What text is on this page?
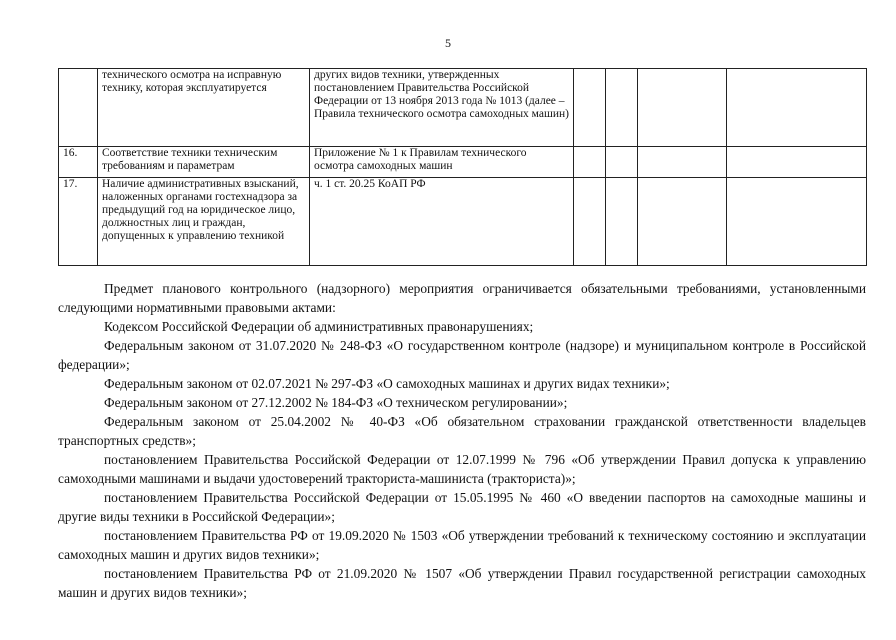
5
	технического осмотра на исправную технику, которая эксплуатируется	других видов техники, утвержденных постановлением Правительства Российской Федерации от 13 ноября 2013 года № 1013 (далее – Правила технического осмотра самоходных машин)				
16.	Соответствие техники техническим требованиям и параметрам	Приложение № 1 к Правилам технического осмотра самоходных машин				
17.	Наличие административных взысканий, наложенных органами гостехнадзора за предыдущий год на юридическое лицо, должностных лиц и граждан, допущенных к управлению техникой	ч. 1 ст. 20.25 КоАП РФ				

Предмет планового контрольного (надзорного) мероприятия ограничивается обязательными требованиями, установленными следующими нормативными правовыми актами:

Кодексом Российской Федерации об административных правонарушениях;

Федеральным законом от 31.07.2020 № 248-ФЗ «О государственном контроле (надзоре) и муниципальном контроле в Российской федерации»;

Федеральным законом от 02.07.2021 № 297-ФЗ «О самоходных машинах и других видах техники»;

Федеральным законом от 27.12.2002 № 184-ФЗ «О техническом регулировании»;

Федеральным законом от 25.04.2002 № 40-ФЗ «Об обязательном страховании гражданской ответственности владельцев транспортных средств»;

постановлением Правительства Российской Федерации от 12.07.1999 № 796 «Об утверждении Правил допуска к управлению самоходными машинами и выдачи удостоверений тракториста-машиниста (тракториста)»;

постановлением Правительства Российской Федерации от 15.05.1995 № 460 «О введении паспортов на самоходные машины и другие виды техники в Российской Федерации»;

постановлением Правительства РФ от 19.09.2020 № 1503 «Об утверждении требований к техническому состоянию и эксплуатации самоходных машин и других видов техники»;

постановлением Правительства РФ от 21.09.2020 № 1507 «Об утверждении Правил государственной регистрации самоходных машин и других видов техники»;
